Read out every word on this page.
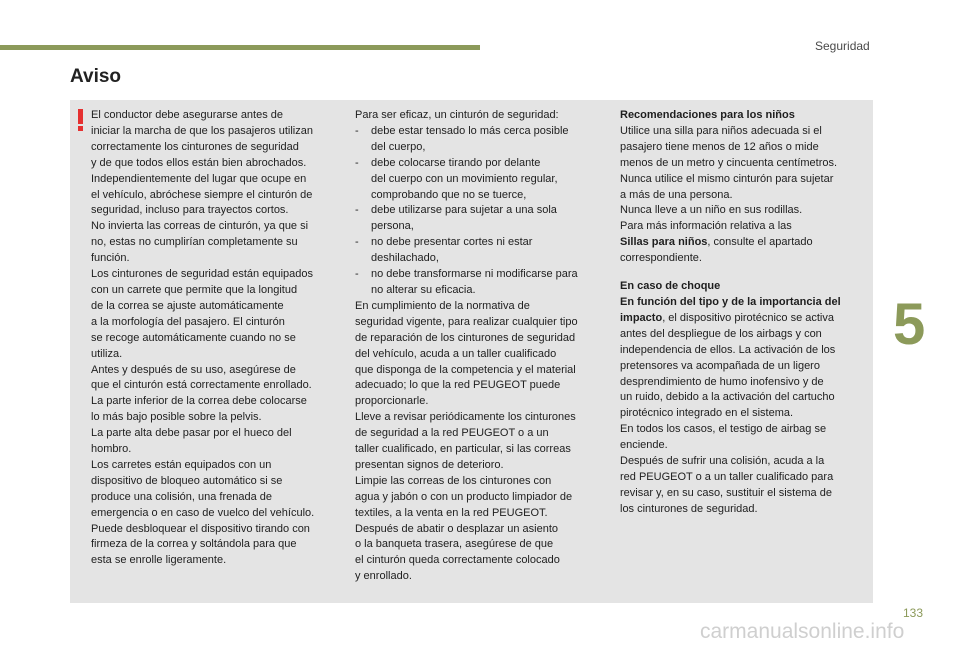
Seguridad
Aviso
El conductor debe asegurarse antes de
iniciar la marcha de que los pasajeros utilizan
correctamente los cinturones de seguridad
y de que todos ellos están bien abrochados.
Independientemente del lugar que ocupe en
el vehículo, abróchese siempre el cinturón de
seguridad, incluso para trayectos cortos.
No invierta las correas de cinturón, ya que si
no, estas no cumplirían completamente su
función.
Los cinturones de seguridad están equipados
con un carrete que permite que la longitud
de la correa se ajuste automáticamente
a la morfología del pasajero. El cinturón
se recoge automáticamente cuando no se
utiliza.
Antes y después de su uso, asegúrese de
que el cinturón está correctamente enrollado.
La parte inferior de la correa debe colocarse
lo más bajo posible sobre la pelvis.
La parte alta debe pasar por el hueco del
hombro.
Los carretes están equipados con un
dispositivo de bloqueo automático si se
produce una colisión, una frenada de
emergencia o en caso de vuelco del vehículo.
Puede desbloquear el dispositivo tirando con
firmeza de la correa y soltándola para que
esta se enrolle ligeramente.
Para ser eficaz, un cinturón de seguridad:
- debe estar tensado lo más cerca posible
del cuerpo,
- debe colocarse tirando por delante
del cuerpo con un movimiento regular,
comprobando que no se tuerce,
- debe utilizarse para sujetar a una sola
persona,
- no debe presentar cortes ni estar
deshilachado,
- no debe transformarse ni modificarse para
no alterar su eficacia.
En cumplimiento de la normativa de
seguridad vigente, para realizar cualquier tipo
de reparación de los cinturones de seguridad
del vehículo, acuda a un taller cualificado
que disponga de la competencia y el material
adecuado; lo que la red PEUGEOT puede
proporcionarle.
Lleve a revisar periódicamente los cinturones
de seguridad a la red PEUGEOT o a un
taller cualificado, en particular, si las correas
presentan signos de deterioro.
Limpie las correas de los cinturones con
agua y jabón o con un producto limpiador de
textiles, a la venta en la red PEUGEOT.
Después de abatir o desplazar un asiento
o la banqueta trasera, asegúrese de que
el cinturón queda correctamente colocado
y enrollado.
Recomendaciones para los niños
Utilice una silla para niños adecuada si el
pasajero tiene menos de 12 años o mide
menos de un metro y cincuenta centímetros.
Nunca utilice el mismo cinturón para sujetar
a más de una persona.
Nunca lleve a un niño en sus rodillas.
Para más información relativa a las
Sillas para niños, consulte el apartado
correspondiente.
En caso de choque
En función del tipo y de la importancia del
impacto, el dispositivo pirotécnico se activa
antes del despliegue de los airbags y con
independencia de ellos. La activación de los
pretensores va acompañada de un ligero
desprendimiento de humo inofensivo y de
un ruido, debido a la activación del cartucho
pirotécnico integrado en el sistema.
En todos los casos, el testigo de airbag se
enciende.
Después de sufrir una colisión, acuda a la
red PEUGEOT o a un taller cualificado para
revisar y, en su caso, sustituir el sistema de
los cinturones de seguridad.
5
133
carmanualsonline.info
